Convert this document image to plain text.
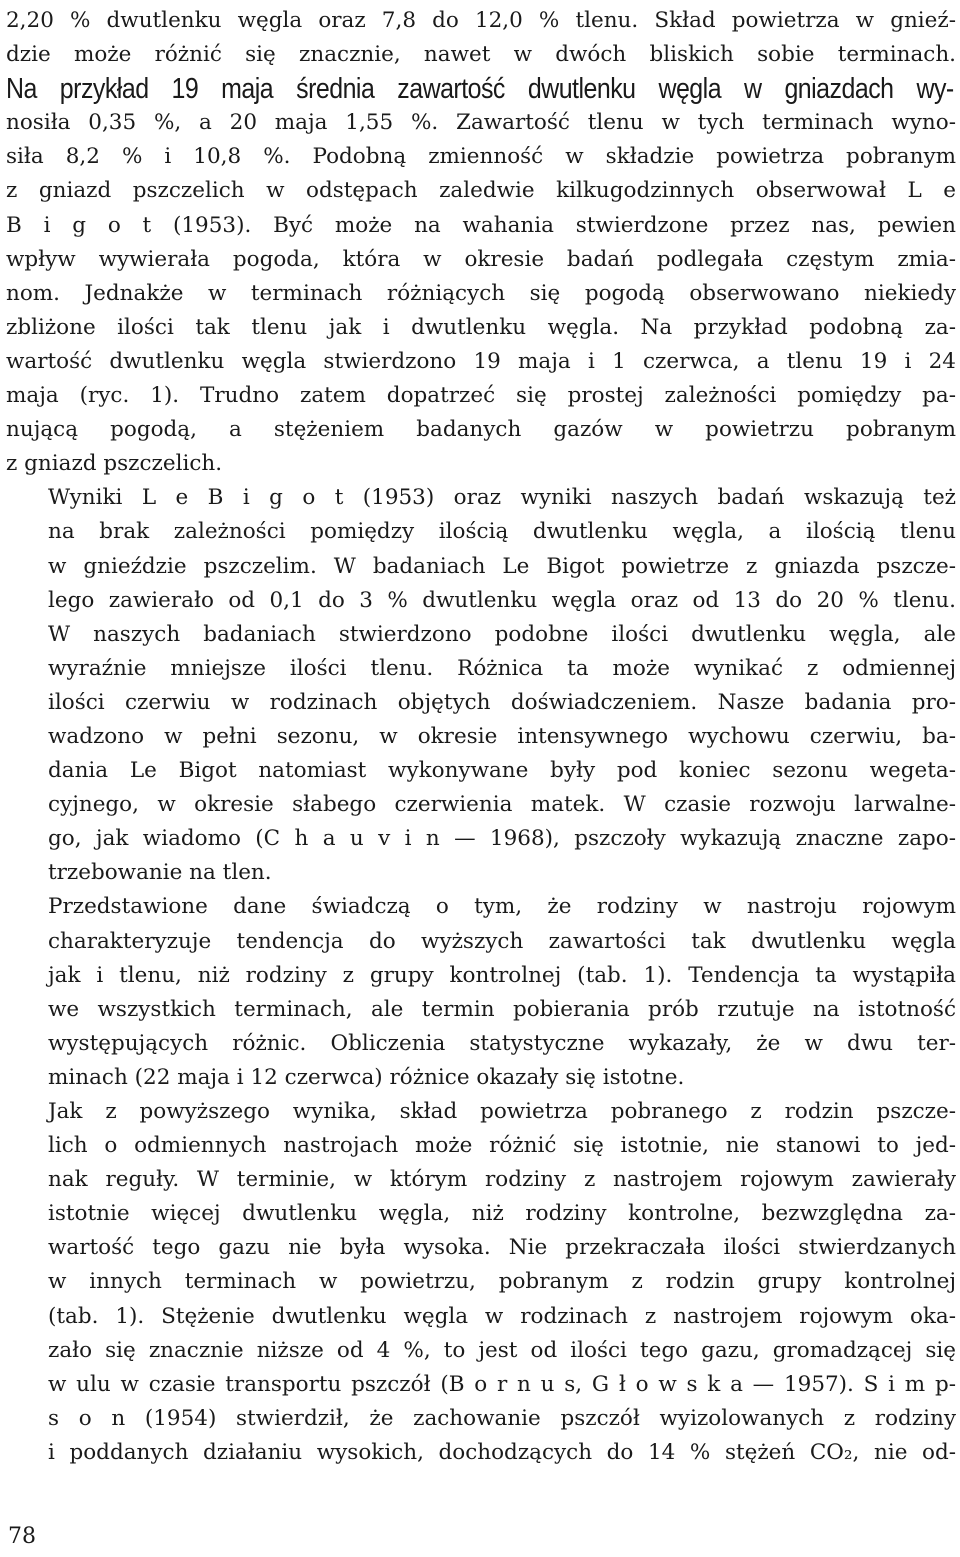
2,20 % dwutlenku węgla oraz 7,8 do 12,0 % tlenu. Skład powietrza w gnieź-
dzie może różnić się znacznie, nawet w dwóch bliskich sobie terminach.
Na przykład 19 maja średnia zawartość dwutlenku węgla w gniazdach wy-
nosiła 0,35 %, a 20 maja 1,55 %. Zawartość tlenu w tych terminach wyno-
siła 8,2 % i 10,8 %. Podobną zmienność w składzie powietrza pobranym
z gniazd pszczelich w odstępach zaledwie kilkugodzinnych obserwował L e
B i g o t (1953). Być może na wahania stwierdzone przez nas, pewien
wpływ wywierała pogoda, która w okresie badań podlegała częstym zmia-
nom. Jednakże w terminach różniących się pogodą obserwowano niekiedy
zbliżone ilości tak tlenu jak i dwutlenku węgla. Na przykład podobną za-
wartość dwutlenku węgla stwierdzono 19 maja i 1 czerwca, a tlenu 19 i 24
maja (ryc. 1). Trudno zatem dopatrzeć się prostej zależności pomiędzy pa-
nującą pogodą, a stężeniem badanych gazów w powietrzu pobranym
z gniazd pszczelich.
Wyniki L e B i g o t (1953) oraz wyniki naszych badań wskazują też
na brak zależności pomiędzy ilością dwutlenku węgla, a ilością tlenu
w gnieździe pszczelim. W badaniach Le Bigot powietrze z gniazda pszcze-
lego zawierało od 0,1 do 3 % dwutlenku węgla oraz od 13 do 20 % tlenu.
W naszych badaniach stwierdzono podobne ilości dwutlenku węgla, ale
wyraźnie mniejsze ilości tlenu. Różnica ta może wynikać z odmiennej
ilości czerwiu w rodzinach objętych doświadczeniem. Nasze badania pro-
wadzono w pełni sezonu, w okresie intensywnego wychowu czerwiu, ba-
dania Le Bigot natomiast wykonywane były pod koniec sezonu wegeta-
cyjnego, w okresie słabego czerwienia matek. W czasie rozwoju larwalne-
go, jak wiadomo (C h a u v i n — 1968), pszczoły wykazują znaczne zapo-
trzebowanie na tlen.
Przedstawione dane świadczą o tym, że rodziny w nastroju rojowym
charakteryzuje tendencja do wyższych zawartości tak dwutlenku węgla
jak i tlenu, niż rodziny z grupy kontrolnej (tab. 1). Tendencja ta wystąpiła
we wszystkich terminach, ale termin pobierania prób rzutuje na istotność
występujących różnic. Obliczenia statystyczne wykazały, że w dwu ter-
minach (22 maja i 12 czerwca) różnice okazały się istotne.
Jak z powyższego wynika, skład powietrza pobranego z rodzin pszcze-
lich o odmiennych nastrojach może różnić się istotnie, nie stanowi to jed-
nak reguły. W terminie, w którym rodziny z nastrojem rojowym zawierały
istotnie więcej dwutlenku węgla, niż rodziny kontrolne, bezwzględna za-
wartość tego gazu nie była wysoka. Nie przekraczała ilości stwierdzanych
w innych terminach w powietrzu, pobranym z rodzin grupy kontrolnej
(tab. 1). Stężenie dwutlenku węgla w rodzinach z nastrojem rojowym oka-
zało się znacznie niższe od 4 %, to jest od ilości tego gazu, gromadzącej się
w ulu w czasie transportu pszczół (B o r n u s, G ł o w s k a — 1957). S i m p-
s o n (1954) stwierdził, że zachowanie pszczół wyizolowanych z rodziny
i poddanych działaniu wysokich, dochodzących do 14 % stężeń CO₂, nie od-
78
